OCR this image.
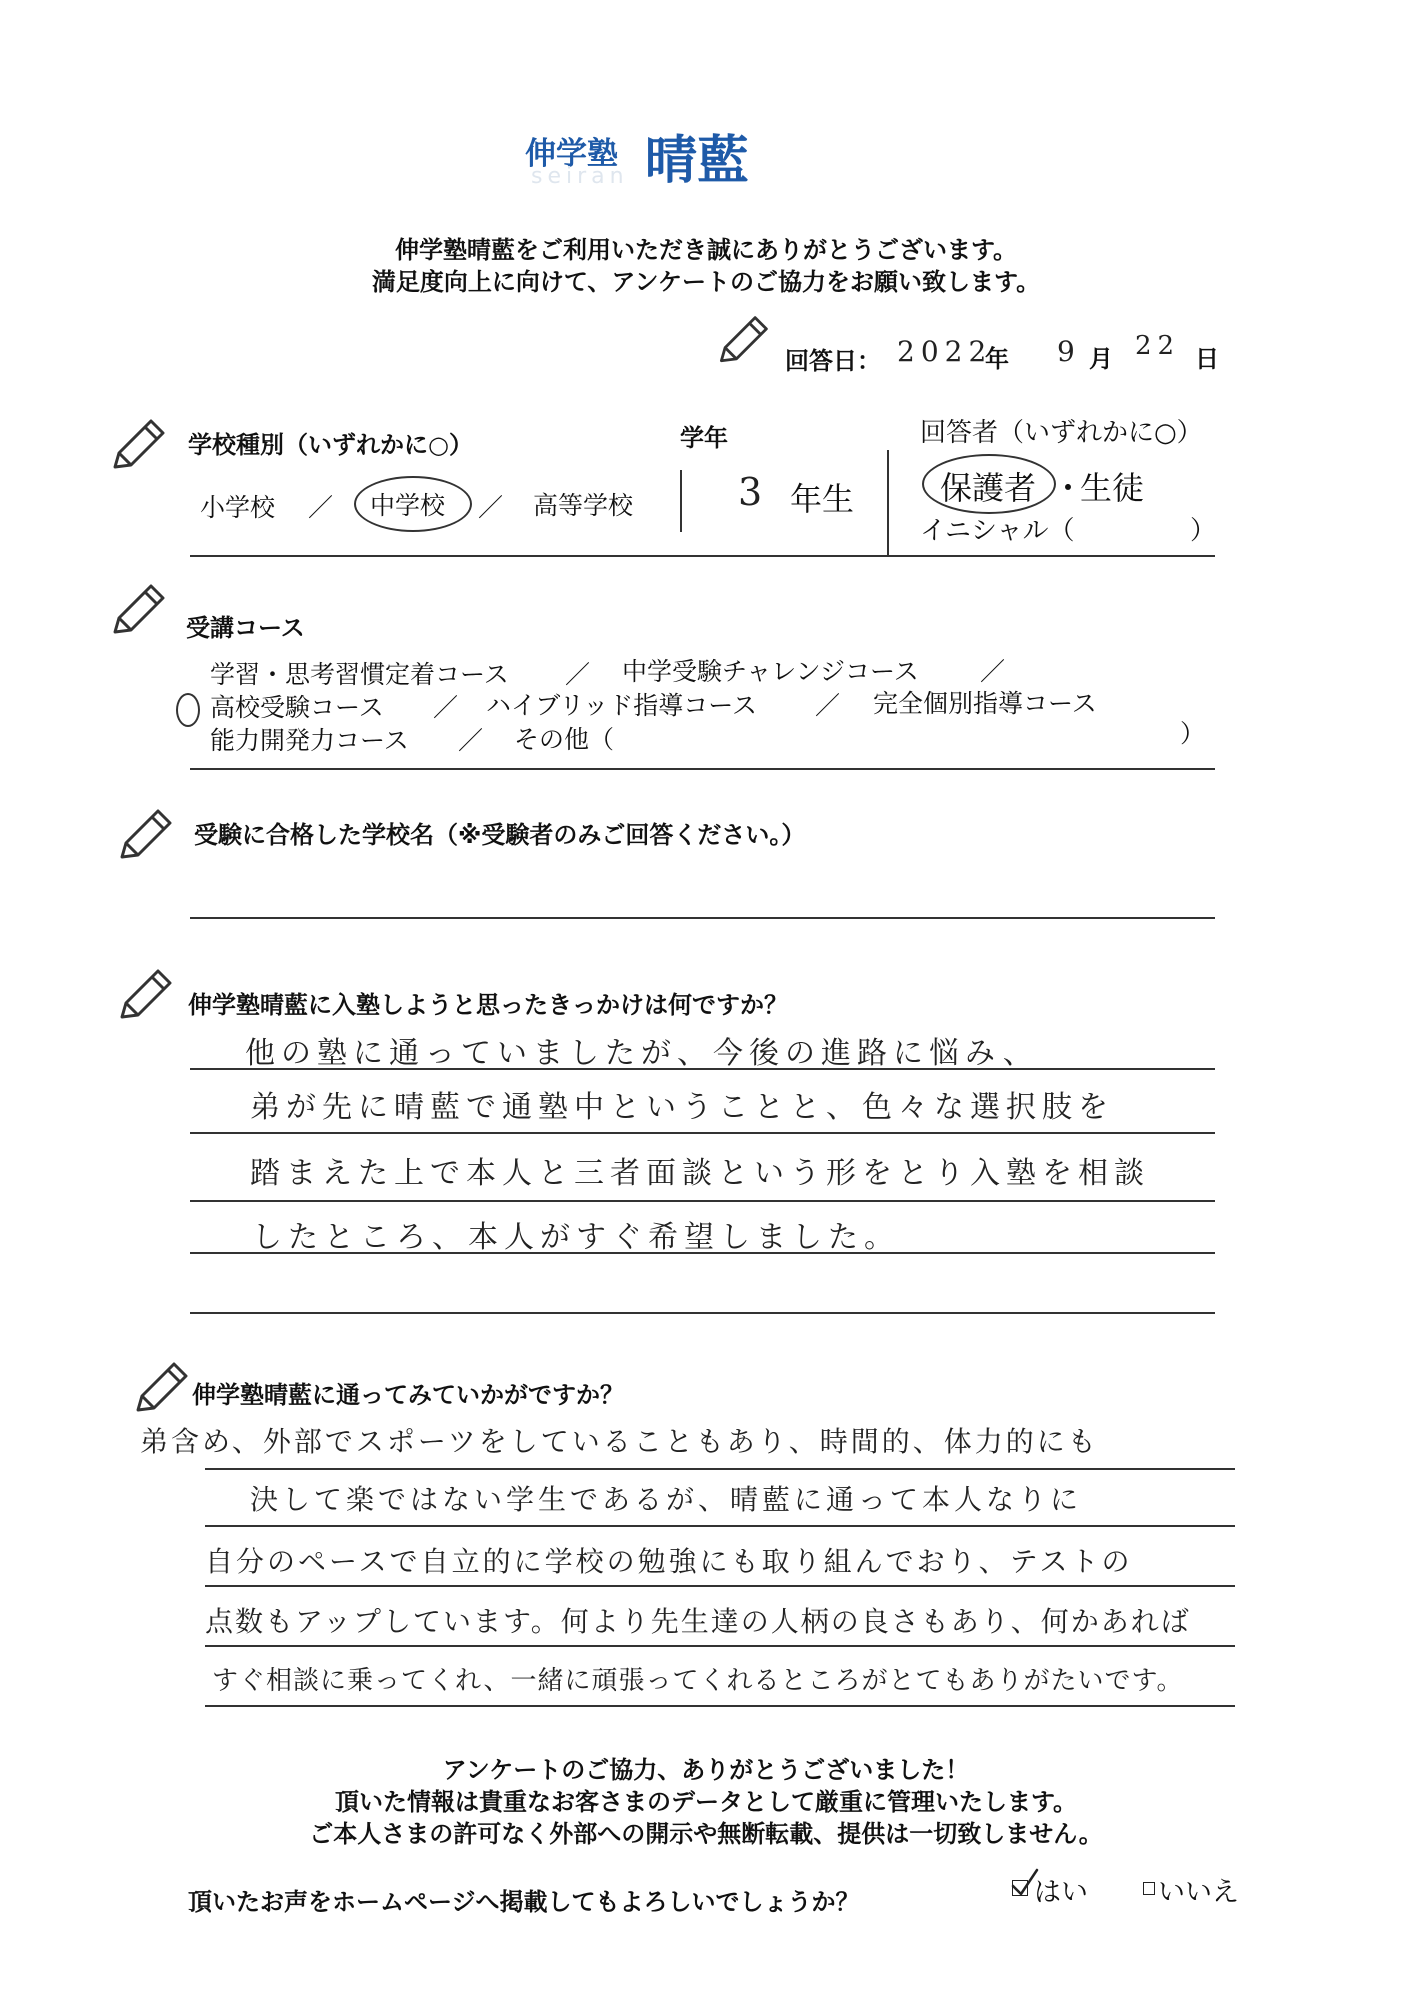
伸学塾
seiran 晴藍
伸学塾晴藍をご利用いただき誠にありがとうございます。
満足度向上に向けて、アンケートのご協力をお願い致します。
回答日： 2022
年 9 月 22 日
学校種別（いずれかに○）
小学校 ／ 中学校 ／ 高等学校
学年
3 年生
回答者（いずれかに○）
保護者 ・
生徒
イニシャル（	）
受講コース
学習・思考習慣定着コース ／ 中学受験チャレンジコース ／
高校受験コース ／ ハイブリッド指導コース ／ 完全個別指導コース
能力開発力コース ／ その他（	）
受験に合格した学校名（※受験者のみご回答ください。）
伸学塾晴藍に入塾しようと思ったきっかけは何ですか？
他の塾に通っていましたが、今後の進路に悩み、
弟が先に晴藍で通塾中ということと、色々な選択肢を
踏まえた上で本人と三者面談という形をとり入塾を相談
したところ、本人がすぐ希望しました。
伸学塾晴藍に通ってみていかがですか？
弟含め、外部でスポーツをしていることもあり、時間的、体力的にも
決して楽ではない学生であるが、晴藍に通って本人なりに
自分のペースで自立的に学校の勉強にも取り組んでおり、テストの
点数もアップしています。何より先生達の人柄の良さもあり、何かあれば
すぐ相談に乗ってくれ、一緒に頑張ってくれるところがとてもありがたいです。
アンケートのご協力、ありがとうございました！
頂いた情報は貴重なお客さまのデータとして厳重に管理いたします。
ご本人さまの許可なく外部への開示や無断転載、提供は一切致しません。
頂いたお声をホームページへ掲載してもよろしいでしょうか？	はい	いいえ
